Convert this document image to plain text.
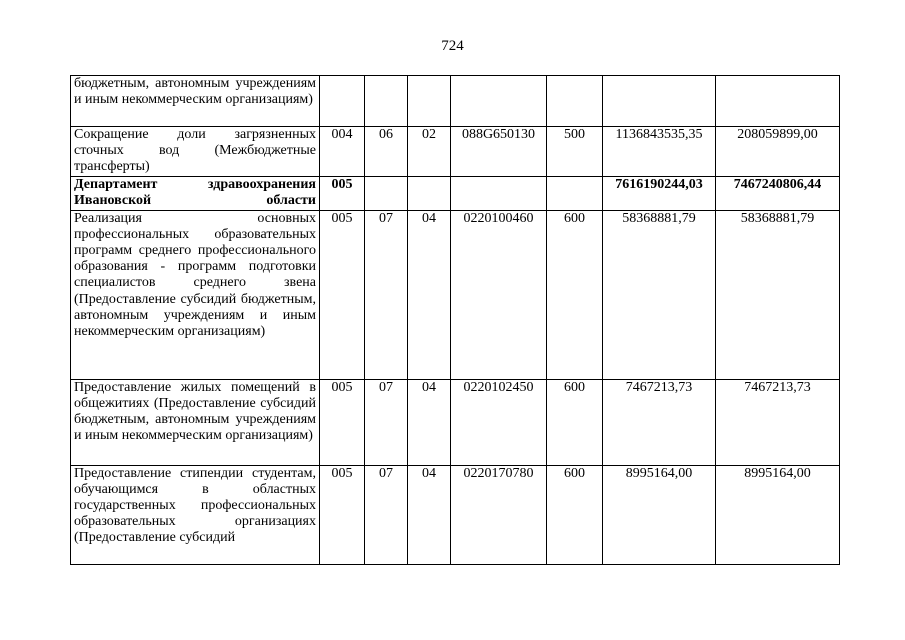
724
бюджетным, автономным учреждениям и иным некоммерческим организациям)							
Сокращение доли загрязненных сточных вод (Межбюджетные трансферты)	004	06	02	088G650130	500	1136843535,35	208059899,00
Департамент здравоохранения Ивановской области	005					7616190244,03	7467240806,44
Реализация основных профессиональных образовательных программ среднего профессионального образования - программ подготовки специалистов среднего звена (Предоставление субсидий бюджетным, автономным учреждениям и иным некоммерческим организациям)	005	07	04	0220100460	600	58368881,79	58368881,79
Предоставление жилых помещений в общежитиях (Предоставление субсидий бюджетным, автономным учреждениям и иным некоммерческим организациям)	005	07	04	0220102450	600	7467213,73	7467213,73
Предоставление стипендии студентам, обучающимся в областных государственных профессиональных образовательных организациях (Предоставление субсидий	005	07	04	0220170780	600	8995164,00	8995164,00
